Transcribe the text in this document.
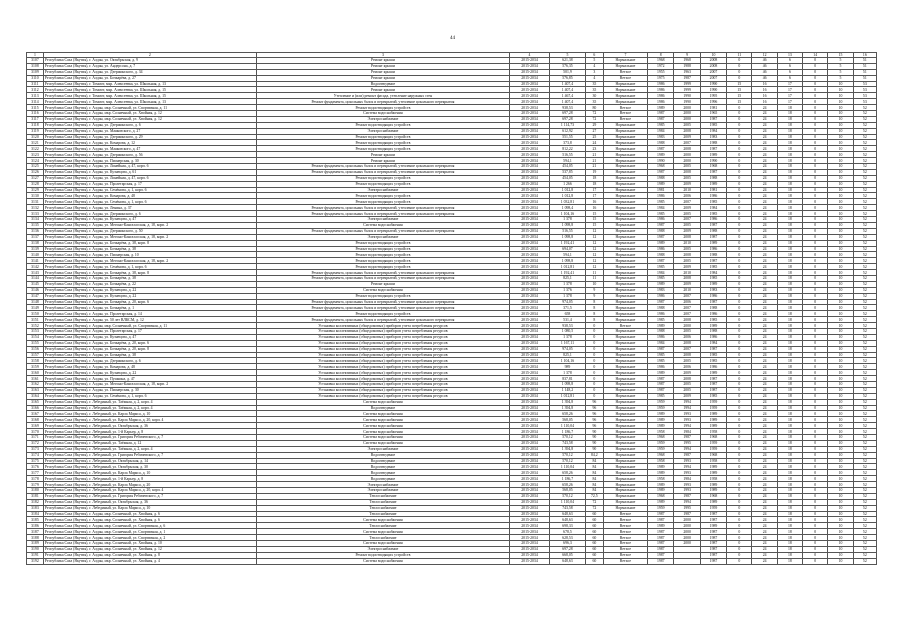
44
1	2	3	4	5	6	7	8	9	10	11	12	13	14	15	16
3107	Республика Саха (Якутия), г. Алдан, ул. Октябрьская, д. 9	Ремонт крыши	2015-2034	621,38	5	Нормальное	1968	1968	2008	0	46	6	0	5	51
3108	Республика Саха (Якутия), г. Алдан, ул. Андерсона, д. 7	Ремонт крыши	2015-2034	576,35	4	Нормальное	1972	1988	2008	0	46	6	0	5	51
3109	Республика Саха (Якутия), г. Алдан, ул. Дзержинского, д. 34	Ремонт крыши	2015-2034	501,9	3	Ветхое	1955	1963	2007	0	46	6	0	5	51
3110	Республика Саха (Якутия), г. Алдан, ул. Бочкарёва, д. 27	Ремонт крыши	2015-2034	576,85	4	Ветхое	1975	1987	2007	0	46	6	0	5	51
3111	Республика Саха (Якутия), г. Томмот, мкр. Алексеевка, ул. Школьная, д. 13	Водоотведение	2015-2034	1 407,4	35	Нормальное	1986	1999	1990	15	16	17	0	10	53
3112	Республика Саха (Якутия), г. Томмот, мкр. Алексеевка, ул. Школьная, д. 15	Ремонт крыши	2015-2034	1 407,4	35	Нормальное	1986	1999	1990	15	16	17	0	10	53
3113	Республика Саха (Якутия), г. Томмот, мкр. Алексеевка, ул. Школьная, д. 15	Утепление и (или) ремонт фасада, утепление наружных стен	2015-2034	1 467,4	30	Нормальное	1986	1990	1995	15	16	17	0	10	53
3114	Республика Саха (Якутия), г. Томмот, мкр. Алексеевка, ул. Школьная, д. 13	Ремонт фундамента, цокольных балок и перекрытий, утепление цокольного перекрытия	2015-2034	1 407,4	35	Нормальное	1986	1990	1996	15	16	17	0	10	53
3115	Республика Саха (Якутия), г. Алдан, мкр. Солнечный, ул. Спортивная, д. 11	Ремонт водоотводящих устройств	2015-2034	938,53	80	Ветхое	1989	2000	1981	0	24	18	0	10	52
3116	Республика Саха (Якутия), г. Алдан, мкр. Солнечный, ул. Хвойная, д. 12	Система водоснабжения	2015-2034	697,28	72	Ветхое	1987	2000	1965	0	24	18	0	10	52
3117	Республика Саха (Якутия), г. Алдан, мкр. Солнечный, ул. Хвойная, д. 12	Электроснабжение	2015-2034	697,28	72	Ветхое	1987	2000	1987	0	24	18	0	10	52
3118	Республика Саха (Якутия), г. Алдан, ул. Дзержинского, д. 6	Ремонт водоотводящих устройств	2015-2034	1 114,73	29	Нормальное	1985	2005	1985	0	24	18	0	10	52
3119	Республика Саха (Якутия), г. Алдан, ул. Маяковского, д. 27	Электроснабжение	2015-2034	612,92	27	Нормальное	1984	2008	1984	0	24	18	0	10	52
3120	Республика Саха (Якутия), г. Алдан, ул. Дзержинского, д. 29	Ремонт водоотводящих устройств	2015-2034	551,55	25	Нормальное	1983	2009	1983	0	24	18	0	10	52
3121	Республика Саха (Якутия), г. Алдан, ул. Комарова, д. 12	Ремонт водоотводящих устройств	2015-2034	373,8	24	Нормальное	1988	2007	1988	0	24	18	0	10	52
3122	Республика Саха (Якутия), г. Алдан, ул. Маяковского, д. 47	Ремонт водоотводящих устройств	2015-2034	812,22	23	Нормальное	1987	2008	1987	0	24	18	0	10	52
3123	Республика Саха (Якутия), г. Алдан, ул. Дзержинского, д. 56	Ремонт крыши	2015-2034	516,55	21	Нормальное	1989	2000	1989	0	24	18	0	10	52
3124	Республика Саха (Якутия), г. Алдан, ул. Пионерская, д. 30	Ремонт крыши	2015-2034	594,1	21	Нормальное	1990	2000	1990	0	24	18	0	10	52
3125	Республика Саха (Якутия), г. Алдан, ул. Линейная, д. 47, корп. 6	Ремонт фундамента, цокольных балок и перекрытий, утепление цокольного перекрытия	2015-2034	454,05	21	Нормальное	1968	2005	1968	0	24	18	0	10	52
3126	Республика Саха (Якутия), г. Алдан, ул. Кузнецова, д. 61	Ремонт фундамента, цокольных балок и перекрытий, утепление цокольного перекрытия	2015-2034	537,85	19	Нормальное	1987	2008	1987	0	24	18	0	10	52
3127	Республика Саха (Якутия), г. Алдан, ул. Линейная, д. 47, корп. 6	Ремонт водоотводящих устройств	2015-2034	454,05	18	Нормальное	1988	2005	1988	0	24	18	0	10	52
3128	Республика Саха (Якутия), г. Алдан, ул. Пролетарская, д. 17	Ремонт водоотводящих устройств	2015-2034	1 266	18	Нормальное	1989	2009	1989	0	24	18	0	10	52
3129	Республика Саха (Якутия), г. Алдан, ул. Семёнова, д. 1, корп. 6	Электроснабжение	2015-2034	1 012,8	17	Нормальное	1981	2010	1981	0	24	18	0	10	52
3130	Республика Саха (Якутия), г. Алдан, ул. Комарова, д. 48	Ремонт водоотводящих устройств	2015-2034	1 012,8	17	Нормальное	1986	2006	1986	0	24	18	0	10	52
3131	Республика Саха (Якутия), г. Алдан, ул. Семёнова, д. 1, корп. 6	Ремонт водоотводящих устройств	2015-2034	1 032,81	16	Нормальное	1985	2007	1985	0	24	18	0	10	52
3132	Республика Саха (Якутия), г. Алдан, ул. Ленина, д. 37	Ремонт фундамента, цокольных балок и перекрытий, утепление цокольного перекрытия	2015-2034	1 098,4	16	Нормальное	1984	2009	1984	0	24	18	0	10	52
3133	Республика Саха (Якутия), г. Алдан, ул. Дзержинского, д. 6	Ремонт фундамента, цокольных балок и перекрытий, утепление цокольного перекрытия	2015-2034	1 104,16	15	Нормальное	1985	2005	1985	0	24	18	0	10	52
3134	Республика Саха (Якутия), г. Алдан, ул. Кузнецова, д. 47	Электроснабжение	2015-2034	1 378	15	Нормальное	1986	2007	1986	0	24	18	0	10	52
3135	Республика Саха (Якутия), г. Алдан, ул. Мегино-Кангаласская, д. 18, корп. 2	Система водоснабжения	2015-2034	1 098,8	15	Нормальное	1987	2005	1987	0	24	18	0	10	52
3136	Республика Саха (Якутия), г. Алдан, ул. Дзержинского, д. 50	Ремонт фундамента, цокольных балок и перекрытий, утепление цокольного перекрытия	2015-2034	516,55	12	Нормальное	1988	2009	1988	0	24	18	0	10	52
3137	Республика Саха (Якутия), г. Алдан, ул. Мегино-Кангаласская, д. 18, корп. 2	Электроснабжение	2015-2034	1 098,8	12	Нормальное	1987	2008	1987	0	24	18	0	10	52
3138	Республика Саха (Якутия), г. Алдан, ул. Бочкарёва, д. 38, корп. 8	Ремонт водоотводящих устройств	2015-2034	1 192,41	12	Нормальное	1989	2010	1989	0	24	18	0	10	52
3139	Республика Саха (Якутия), г. Алдан, ул. Бочкарёва, д. 38	Ремонт водоотводящих устройств	2015-2034	694,07	12	Нормальное	1986	2005	1986	0	24	18	0	10	52
3140	Республика Саха (Якутия), г. Алдан, ул. Пионерская, д. 10	Ремонт водоотводящих устройств	2015-2034	594,1	12	Нормальное	1988	2008	1988	0	24	18	0	10	52
3141	Республика Саха (Якутия), г. Алдан, ул. Мегино-Кангаласская, д. 18, корп. 2	Ремонт водоотводящих устройств	2015-2034	1 098,8	12	Нормальное	1987	2005	1987	0	24	18	0	10	52
3142	Республика Саха (Якутия), г. Алдан, ул. Семёнова, д. 1, корп. 6	Ремонт водоотводящих устройств	2015-2034	1 012,81	12	Нормальное	1985	2009	1985	0	24	18	0	10	52
3143	Республика Саха (Якутия), г. Алдан, ул. Бочкарёва, д. 38, корп. 8	Ремонт фундамента, цокольных балок и перекрытий, утепление цокольного перекрытия	2015-2034	1 192,41	11	Нормальное	1984	2010	1984	0	24	18	0	10	52
3144	Республика Саха (Якутия), г. Алдан, ул. Бочкарёва, д. 38	Ремонт фундамента, цокольных балок и перекрытий, утепление цокольного перекрытия	2015-2034	825,1	11	Нормальное	1985	2008	1985	0	24	18	0	10	52
3145	Республика Саха (Якутия), г. Алдан, ул. Бочкарёва, д. 22	Ремонт крыши	2015-2034	1 378	10	Нормальное	1989	2009	1989	0	24	18	0	10	52
3146	Республика Саха (Якутия), г. Алдан, ул. Кузнецова, д. 22	Система водоснабжения	2015-2034	1 376	9	Нормальное	1983	2010	1983	0	24	18	0	10	52
3147	Республика Саха (Якутия), г. Алдан, ул. Кузнецова, д. 22	Ремонт водоотводящих устройств	2015-2034	1 378	9	Нормальное	1986	2007	1986	0	24	18	0	10	52
3148	Республика Саха (Якутия), г. Алдан, ул. Бочкарёва, д. 20, корп. 6	Ремонт фундамента, цокольных балок и перекрытий, утепление цокольного перекрытия	2015-2034	974,05	8	Нормальное	1987	2006	1987	0	24	18	0	10	52
3149	Республика Саха (Якутия), г. Алдан, ул. Бочкарёва, д. 1	Ремонт фундамента, цокольных балок и перекрытий, утепление цокольного перекрытия	2015-2034	371,5	8	Нормальное	1988	2007	1988	0	24	18	0	10	52
3150	Республика Саха (Якутия), г. Алдан, ул. Пролетарская, д. 14	Ремонт водоотводящих устройств	2015-2034	658	8	Нормальное	1986	2007	1986	0	24	18	0	10	52
3151	Республика Саха (Якутия), г. Алдан, ул. 50 лет ВЛКСМ, д. 12	Ремонт фундамента, цокольных балок и перекрытий, утепление цокольного перекрытия	2015-2034	531,4	8	Нормальное	1985	2008	1985	0	24	18	0	10	52
3152	Республика Саха (Якутия), г. Алдан, мкр. Солнечный, ул. Спортивная, д. 11	Установка коллективных (общедомовых) приборов учета потребления ресурсов	2015-2034	938,53	0	Ветхое	1989	2000	1989	0	24	18	0	10	52
3153	Республика Саха (Якутия), г. Алдан, ул. Пролетарская, д. 17	Установка коллективных (общедомовых) приборов учета потребления ресурсов	2015-2034	1 080,5	0	Нормальное	1988	2005	1988	0	24	18	0	10	52
3154	Республика Саха (Якутия), г. Алдан, ул. Кузнецова, д. 47	Установка коллективных (общедомовых) приборов учета потребления ресурсов	2015-2034	1 378	0	Нормальное	1986	2006	1986	0	24	18	0	10	52
3155	Республика Саха (Якутия), г. Алдан, ул. Бочкарёва, д. 20, корп. 6	Установка коллективных (общедомовых) приборов учета потребления ресурсов	2015-2034	1 167,11	0	Нормальное	1984	2008	1984	0	24	18	0	10	52
3156	Республика Саха (Якутия), г. Алдан, ул. Бочкарёва, д. 20, корп. 8	Установка коллективных (общедомовых) приборов учета потребления ресурсов	2015-2034	974,05	0	Нормальное	1987	2007	1987	0	24	18	0	10	52
3157	Республика Саха (Якутия), г. Алдан, ул. Бочкарёва, д. 38	Установка коллективных (общедомовых) приборов учета потребления ресурсов	2015-2034	825,1	0	Нормальное	1985	2008	1985	0	24	18	0	10	52
3158	Республика Саха (Якутия), г. Алдан, ул. Дзержинского, д. 6	Установка коллективных (общедомовых) приборов учета потребления ресурсов	2015-2034	1 104,16	0	Нормальное	1985	2005	1985	0	24	18	0	10	52
3159	Республика Саха (Якутия), г. Алдан, ул. Комарова, д. 48	Установка коллективных (общедомовых) приборов учета потребления ресурсов	2015-2034	989	0	Нормальное	1986	2006	1986	0	24	18	0	10	52
3160	Республика Саха (Якутия), г. Алдан, ул. Кузнецова, д. 22	Установка коллективных (общедомовых) приборов учета потребления ресурсов	2015-2034	1 378	0	Нормальное	1989	2009	1989	0	24	18	0	10	52
3161	Республика Саха (Якутия), г. Алдан, ул. Пушкина, д. 47	Установка коллективных (общедомовых) приборов учета потребления ресурсов	2015-2034	837,81	0	Нормальное	1987	2008	1987	0	24	18	0	10	52
3162	Республика Саха (Якутия), г. Алдан, ул. Мегино-Кангаласская, д. 18, корп. 2	Установка коллективных (общедомовых) приборов учета потребления ресурсов	2015-2034	1 098,8	0	Нормальное	1987	2005	1987	0	24	18	0	10	52
3163	Республика Саха (Якутия), г. Алдан, ул. Пионерская, д. 30	Установка коллективных (общедомовых) приборов учета потребления ресурсов	2015-2034	1 148,2	0	Нормальное	1987	2005	1987	0	24	18	0	10	52
3164	Республика Саха (Якутия), г. Алдан, ул. Семёнова, д. 1, корп. 6	Установка коллективных (общедомовых) приборов учета потребления ресурсов	2015-2034	1 012,81	0	Нормальное	1985	2009	1985	0	24	18	0	10	52
3165	Республика Саха (Якутия), г. Лебединый, ул. Таёжная, д. 2, корп. 4	Система водоснабжения	2015-2034	1 394,8	96	Нормальное	1959	1994	1959	0	24	18	0	10	52
3166	Республика Саха (Якутия), г. Лебединый, ул. Таёжная, д. 2, корп. 4	Водоотведение	2015-2034	1 394,8	96	Нормальное	1959	1994	1959	0	24	18	0	10	52
3167	Республика Саха (Якутия), г. Лебединый, ул. Карла Маркса, д. 10	Система водоснабжения	2015-2034	658,26	96	Нормальное	1989	1993	1989	0	24	18	0	10	52
3168	Республика Саха (Якутия), г. Лебединый, ул. Карла Маркса, д. 20, корп. 4	Система водоснабжения	2015-2034	568,05	96	Нормальное	1989	1993	1989	0	24	18	0	10	52
3169	Республика Саха (Якутия), г. Лебединый, ул. Октябрьская, д. 36	Система водоснабжения	2015-2034	1 110,04	96	Нормальное	1989	1994	1989	0	24	18	0	10	52
3170	Республика Саха (Якутия), г. Лебединый, ул. 1-й Карьер, д. 8	Система водоснабжения	2015-2034	1 186,7	90	Нормальное	1958	1984	1958	0	24	18	0	10	52
3171	Республика Саха (Якутия), г. Лебединый, ул. Григория Ребичевского, д. 7	Система водоснабжения	2015-2034	570,12	90	Нормальное	1968	1987	1968	0	24	18	0	10	52
3172	Республика Саха (Якутия), г. Лебединый, ул. Таёжная, д. 12	Система водоснабжения	2015-2034	743,58	90	Нормальное	1959	1995	1959	0	24	18	0	10	52
3173	Республика Саха (Якутия), г. Лебединый, ул. Таёжная, д. 2, корп. 4	Электроснабжение	2015-2034	1 394,8	90	Нормальное	1959	1994	1959	0	24	18	0	10	52
3174	Республика Саха (Якутия), г. Лебединый, ул. Григория Ребичевского, д. 7	Водоотведение	2015-2034	570,12	84,2	Нормальное	1968	1987	1968	0	24	18	0	10	52
3175	Республика Саха (Якутия), г. Лебединый, ул. Октябрьская, д. 14	Водоотведение	2015-2034	570,12	84	Нормальное	1958	1993	1958	0	24	18	0	10	52
3176	Республика Саха (Якутия), г. Лебединый, ул. Октябрьская, д. 30	Водоотведение	2015-2034	1 110,04	84	Нормальное	1989	1994	1989	0	24	18	0	10	52
3177	Республика Саха (Якутия), г. Лебединый, ул. Карла Маркса, д. 10	Водоотведение	2015-2034	658,26	84	Нормальное	1989	1993	1989	0	24	18	0	10	52
3178	Республика Саха (Якутия), г. Лебединый, ул. 1-й Карьер, д. 8	Водоотведение	2015-2034	1 186,7	84	Нормальное	1958	1984	1958	0	24	18	0	10	52
3179	Республика Саха (Якутия), г. Лебединый, ул. Карла Маркса, д. 20	Электроснабжение	2015-2034	658,26	84	Нормальное	1989	1993	1989	0	24	18	0	10	52
3180	Республика Саха (Якутия), г. Лебединый, ул. Карла Маркса, д. 20, корп. 4	Электроснабжение	2015-2034	568,05	84	Нормальное	1989	1993	1989	0	24	18	0	10	52
3181	Республика Саха (Якутия), г. Лебединый, ул. Григория Ребичевского, д. 7	Теплоснабжение	2015-2034	570,12	72,5	Нормальное	1968	1987	1968	0	24	18	0	10	52
3182	Республика Саха (Якутия), г. Лебединый, ул. Октябрьская, д. 36	Теплоснабжение	2015-2034	1 110,04	72	Нормальное	1989	1994	1989	0	24	18	0	10	52
3183	Республика Саха (Якутия), г. Лебединый, ул. Карла Маркса, д. 10	Теплоснабжение	2015-2034	743,58	72	Нормальное	1959	1995	1959	0	24	18	0	10	52
3184	Республика Саха (Якутия), г. Алдан, мкр. Солнечный, ул. Хвойная, д. 6	Теплоснабжение	2015-2034	648,63	60	Ветхое	1987	1987	1987	0	24	18	0	10	52
3185	Республика Саха (Якутия), г. Алдан, мкр. Солнечный, ул. Хвойная, д. 6	Система водоснабжения	2015-2034	648,63	60	Ветхое	1987	2000	1987	0	24	18	0	10	52
3186	Республика Саха (Якутия), г. Алдан, мкр. Солнечный, ул. Спортивная, д. 6	Теплоснабжение	2015-2034	698,33	60	Ветхое	1989	2000	1989	0	24	18	0	10	52
3187	Республика Саха (Якутия), г. Алдан, мкр. Солнечный, ул. Спортивная, д. 1	Система водоснабжения	2015-2034	678,5	60	Ветхое	1987	2000	1987	0	24	18	0	10	52
3188	Республика Саха (Якутия), г. Алдан, мкр. Солнечный, ул. Спортивная, д. 2	Теплоснабжение	2015-2034	628,53	60	Ветхое	1987	2000	1987	0	24	18	0	10	52
3189	Республика Саха (Якутия), г. Алдан, мкр. Солнечный, ул. Хвойная, д. 10	Система водоснабжения	2015-2034	696,3	60	Ветхое	1987	2000	1987	0	24	18	0	10	52
3190	Республика Саха (Якутия), г. Алдан, мкр. Солнечный, ул. Хвойная, д. 12	Электроснабжение	2015-2034	697,28	60	Ветхое	1987		1987	0	24	18	0	10	52
3191	Республика Саха (Якутия), г. Алдан, мкр. Солнечный, ул. Хвойная, д. 8	Ремонт водоотводящих устройств	2015-2034	668,05	60	Ветхое	1987		1987	0	24	18	0	10	52
3192	Республика Саха (Якутия), г. Алдан, мкр. Солнечный, ул. Хвойная, д. 4	Система водоснабжения	2015-2034	648,63	60	Ветхое	1987		1987	0	24	18	0	10	52
